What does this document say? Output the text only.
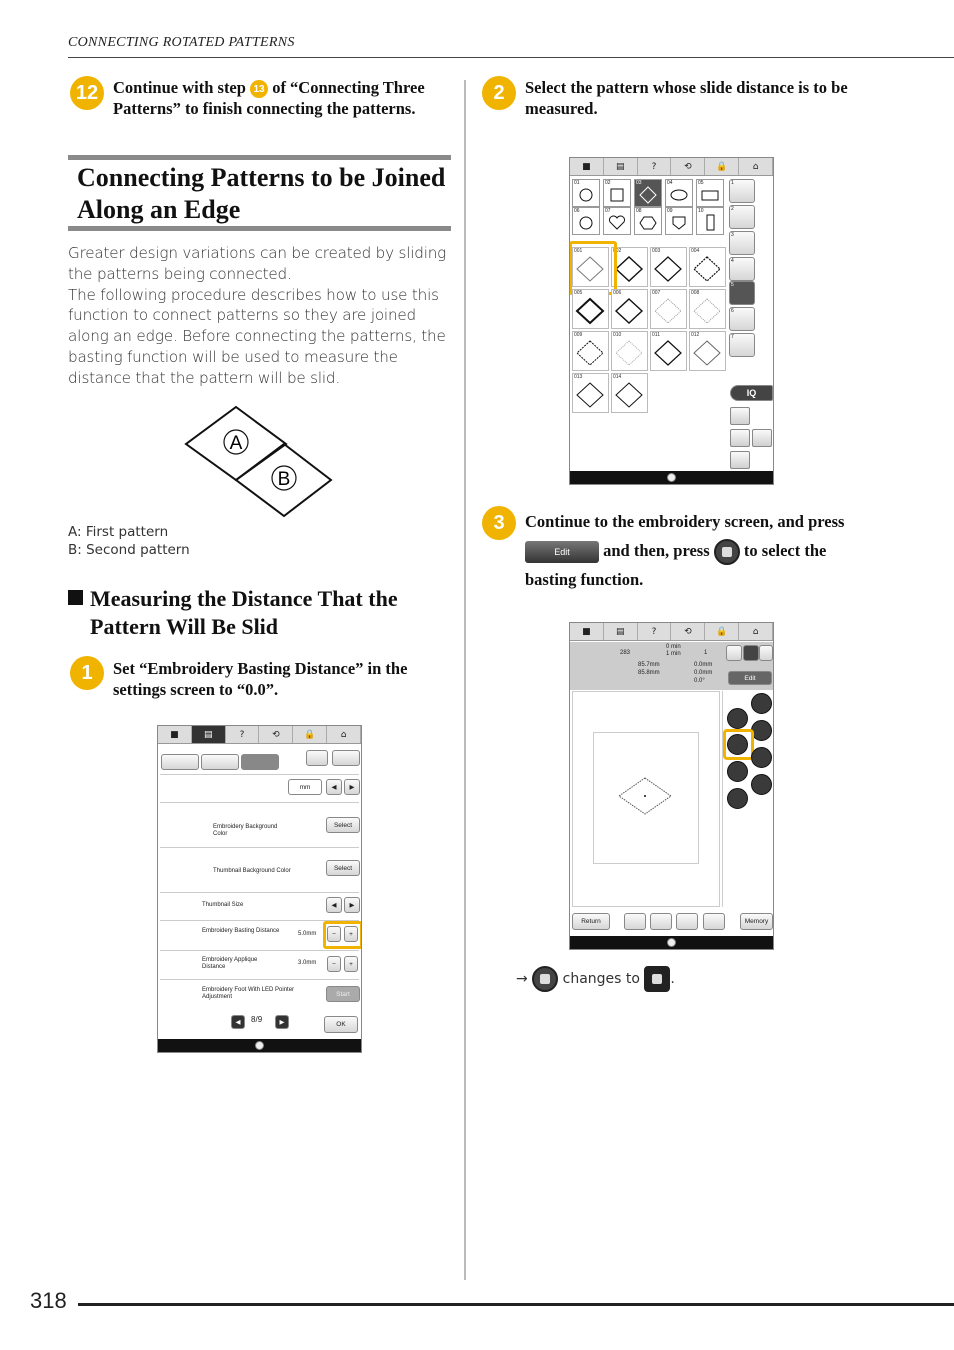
CONNECTING ROTATED PATTERNS
12 Continue with step 13 of “Connecting Three Patterns” to finish connecting the patterns.
Connecting Patterns to be Joined
Along an Edge
Greater design variations can be created by sliding the patterns being connected.
The following procedure describes how to use this function to connect patterns so they are joined along an edge. Before connecting the patterns, the basting function will be used to measure the distance that the pattern will be slid.
A
B
A: First pattern
B: Second pattern
Measuring the Distance That the
Pattern Will Be Slid
1	Set “Embroidery Basting Distance” in the settings screen to “0.0”.
■	▤	?	⟲	🔒	⌂
mm	◀	▶
Embroidery Background Color
Select
Thumbnail Background Color	Select
Thumbnail Size	◀	▶
Embroidery Basting Distance	5.0mm	−	+
Embroidery Applique Distance
3.0mm	−	+
Embroidery Foot With LED Pointer Adjustment	Start
◀	8/9	▶	OK
2	Select the pattern whose slide distance is to be measured.
■	▤	?	⟲	🔒	⌂
01	02	03	04	05
06	07	08	09	10
001	002	003	004
005	006	007	008
009	010	011	012
013	014
1
2
3
4
5
6
7
IQ
3	Continue to the embroidery screen, and press Edit and then, press to select the basting function.
■	▤	?	⟲	🔒	⌂
283
0 min
1 min	1
85.7mm
85.8mm
0.0mm
0.0mm
0.0°	Edit
Return	Memory
→ changes to .
318
